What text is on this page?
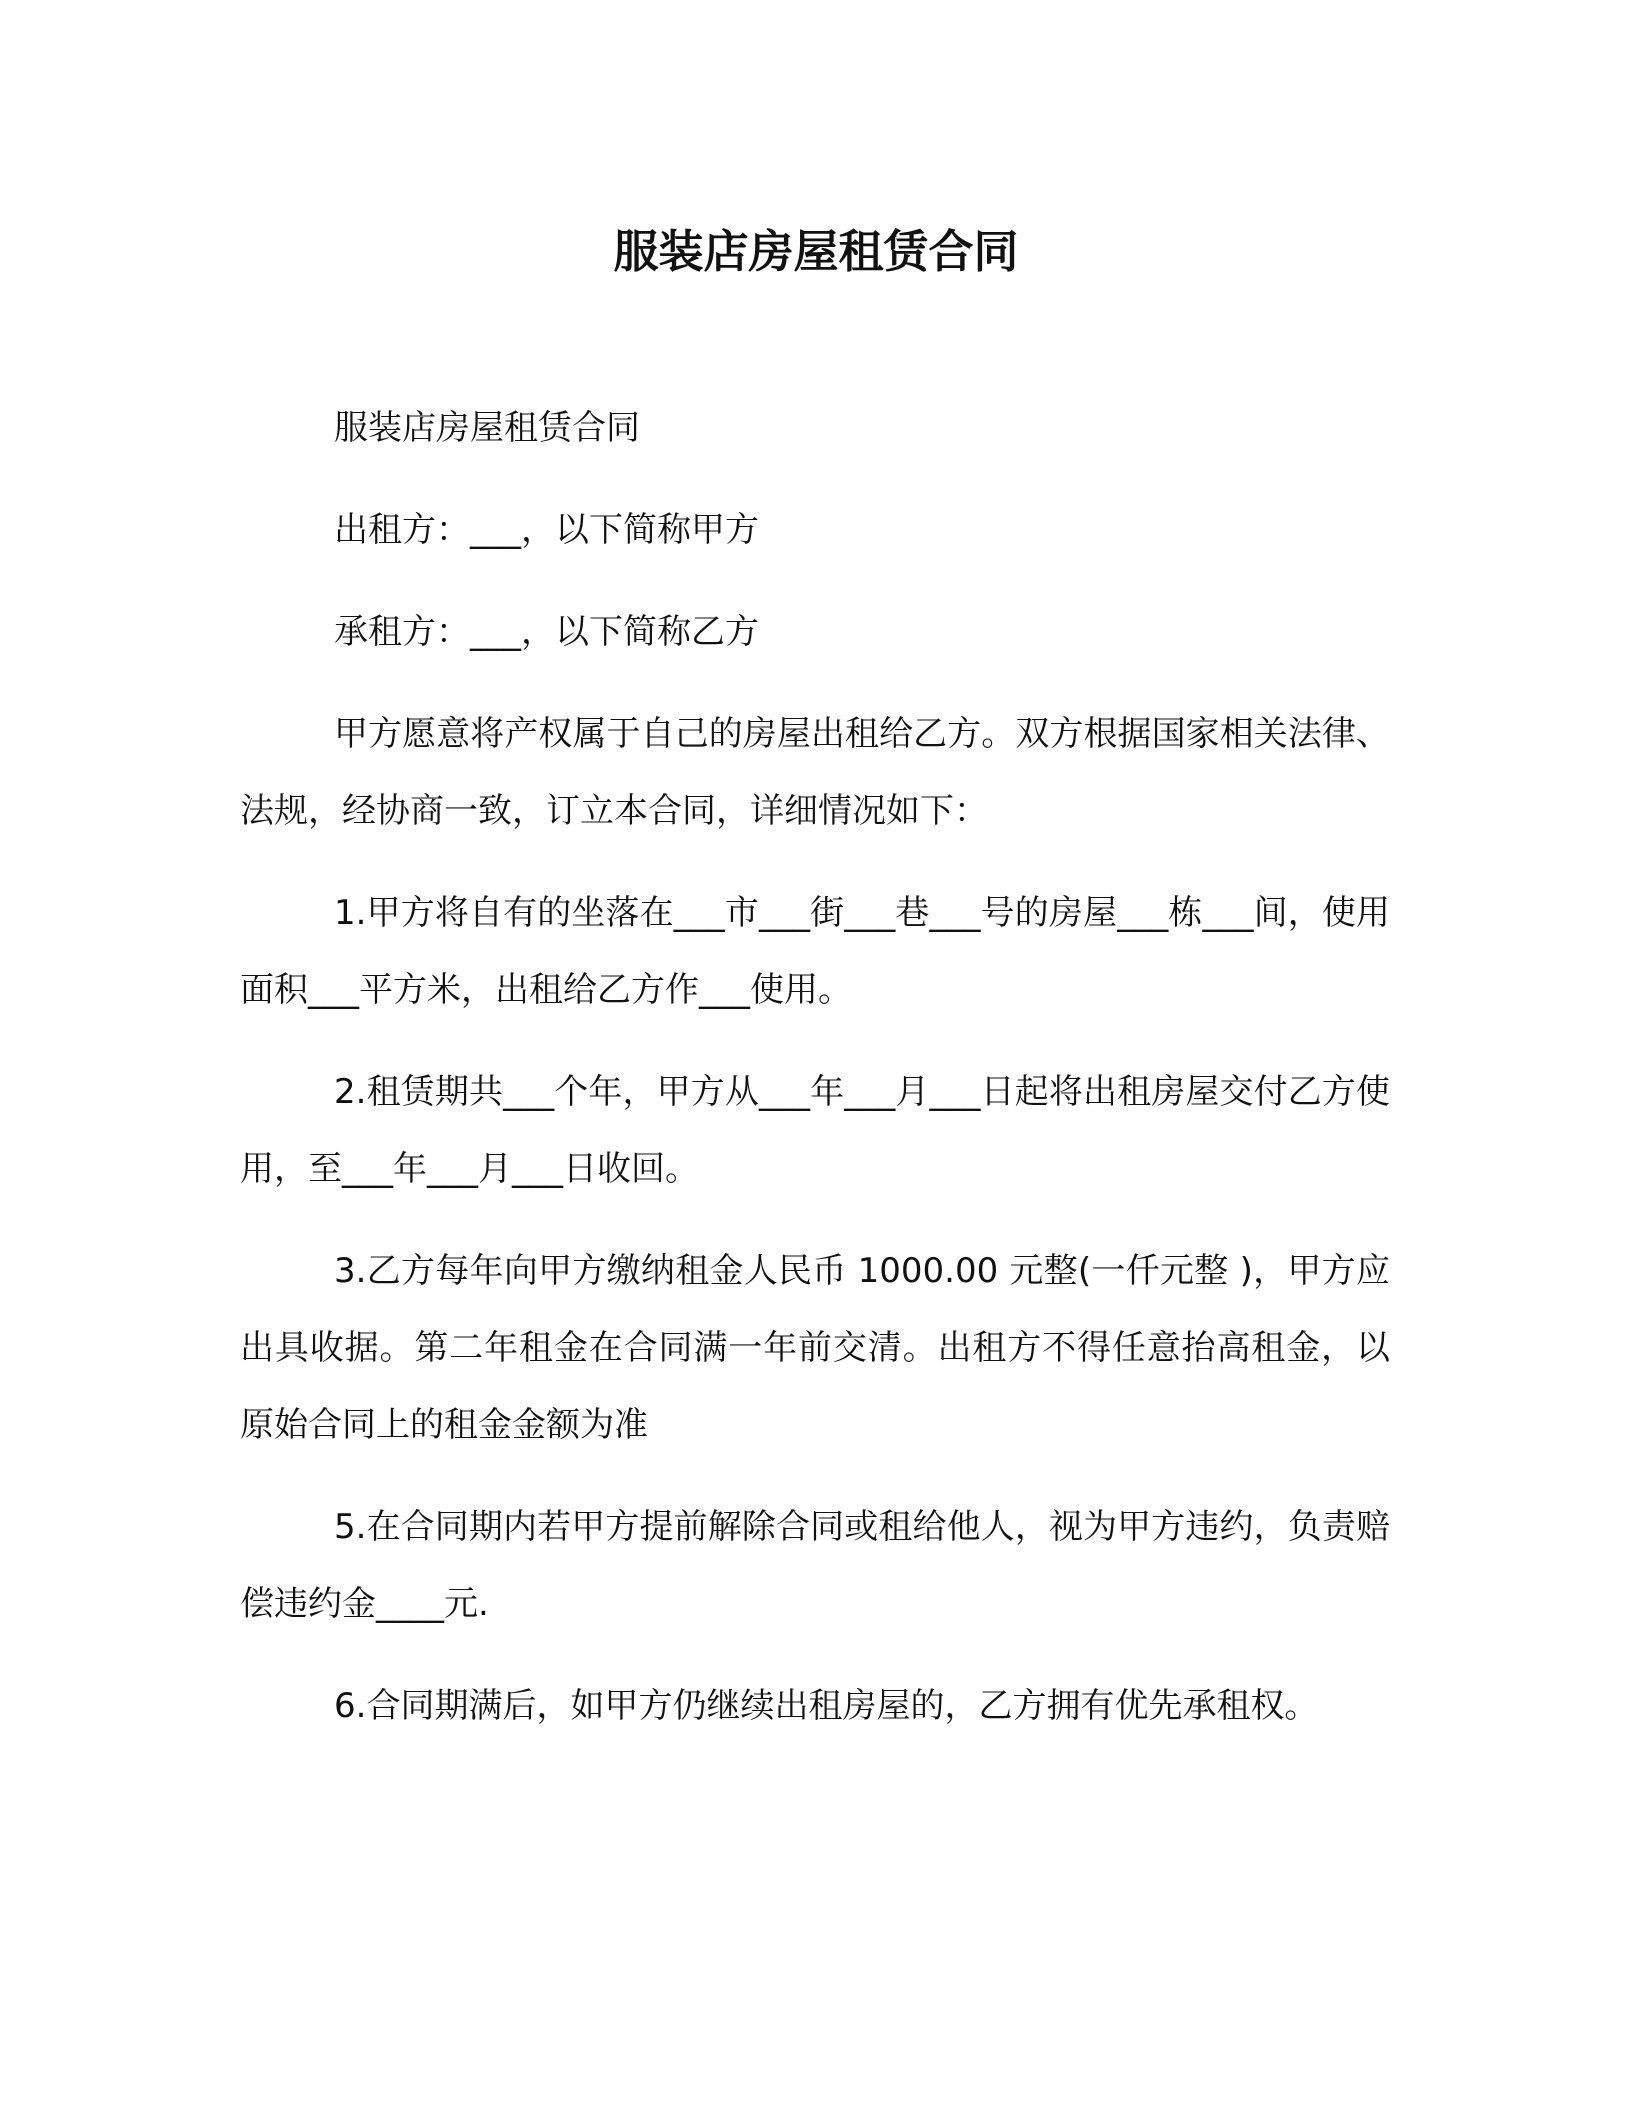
服装店房屋租赁合同

服装店房屋租赁合同

出租方：___，以下简称甲方

承租方：___，以下简称乙方

甲方愿意将产权属于自己的房屋出租给乙方。双方根据国家相关法律、法规，经协商一致，订立本合同，详细情况如下：

1.甲方将自有的坐落在___市___街___巷___号的房屋___栋___间，使用面积___平方米，出租给乙方作___使用。

2.租赁期共___个年，甲方从___年___月___日起将出租房屋交付乙方使用，至___年___月___日收回。

3.乙方每年向甲方缴纳租金人民币 1000.00 元整(一仟元整 )，甲方应出具收据。第二年租金在合同满一年前交清。出租方不得任意抬高租金，以原始合同上的租金金额为准

5.在合同期内若甲方提前解除合同或租给他人，视为甲方违约，负责赔偿违约金____元.

6.合同期满后，如甲方仍继续出租房屋的，乙方拥有优先承租权。
